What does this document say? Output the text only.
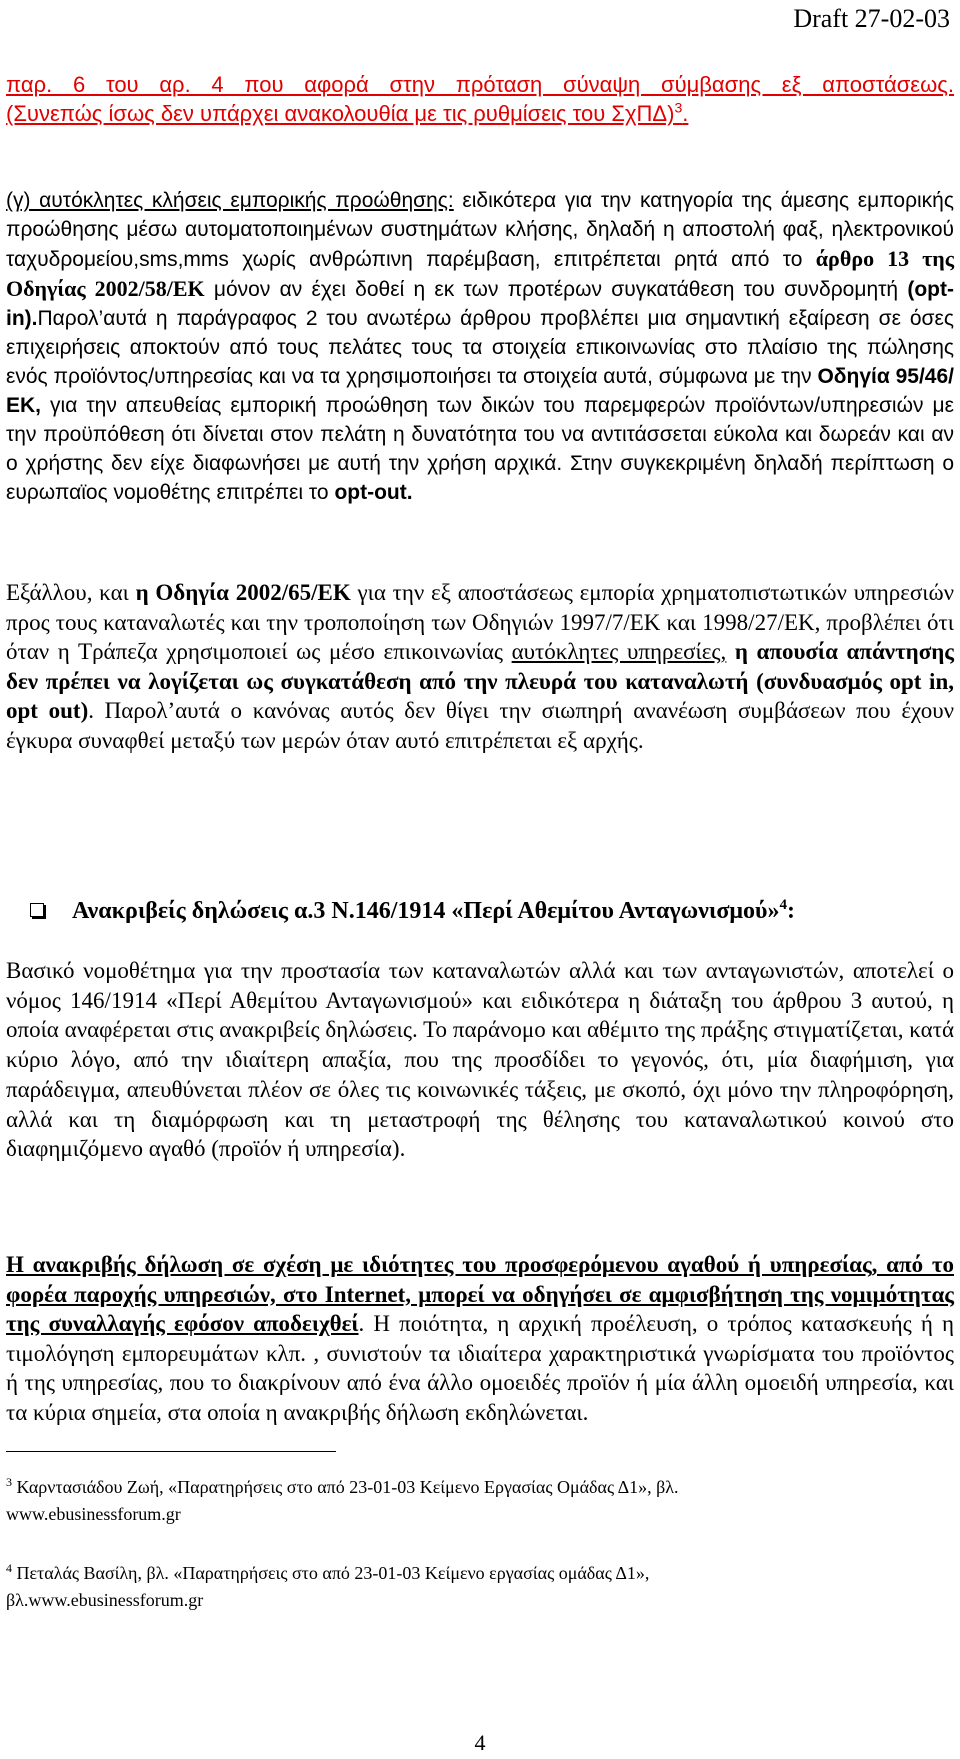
Draft 27-02-03

παρ. 6 του αρ. 4 που αφορά στην πρόταση σύναψη σύμβασης εξ αποστάσεως.
(Συνεπώς ίσως δεν υπάρχει ανακολουθία με τις ρυθμίσεις του ΣχΠΔ)$^3$.

(γ) αυτόκλητες κλήσεις εμπορικής προώθησης: ειδικότερα για την κατηγορία της άμεσης εμπορικής προώθησης μέσω αυτοματοποιημένων συστημάτων κλήσης, δηλαδή η αποστολή φαξ, ηλεκτρονικού ταχυδρομείου,sms,mms χωρίς ανθρώπινη παρέμβαση, επιτρέπεται ρητά από το άρθρο 13 της Οδηγίας 2002/58/ΕΚ μόνον αν έχει δοθεί η εκ των προτέρων συγκατάθεση του συνδρομητή (opt-in).Παρολ’αυτά η παράγραφος 2 του ανωτέρω άρθρου προβλέπει μια σημαντική εξαίρεση σε όσες επιχειρήσεις αποκτούν από τους πελάτες τους τα στοιχεία επικοινωνίας στο πλαίσιο της πώλησης ενός προϊόντος/υπηρεσίας και να τα χρησιμοποιήσει τα στοιχεία αυτά, σύμφωνα με την Οδηγία 95/46/ΕΚ, για την απευθείας εμπορική προώθηση των δικών του παρεμφερών προϊόντων/υπηρεσιών με την προϋπόθεση ότι δίνεται στον πελάτη η δυνατότητα του να αντιτάσσεται εύκολα και δωρεάν και αν ο χρήστης δεν είχε διαφωνήσει με αυτή την χρήση αρχικά. Στην συγκεκριμένη δηλαδή περίπτωση ο ευρωπαϊος νομοθέτης επιτρέπει το opt-out.

Εξάλλου, και η Οδηγία 2002/65/ΕΚ για την εξ αποστάσεως εμπορία χρηματοπιστωτικών υπηρεσιών προς τους καταναλωτές και την τροποποίηση των Οδηγιών 1997/7/ΕΚ και 1998/27/ΕΚ, προβλέπει ότι όταν η Τράπεζα χρησιμοποιεί ως μέσο επικοινωνίας αυτόκλητες υπηρεσίες, η απουσία απάντησης δεν πρέπει να λογίζεται ως συγκατάθεση από την πλευρά του καταναλωτή (συνδυασμός opt in, opt out). Παρολ’αυτά ο κανόνας αυτός δεν θίγει την σιωπηρή ανανέωση συμβάσεων που έχουν έγκυρα συναφθεί μεταξύ των μερών όταν αυτό επιτρέπεται εξ αρχής.

Ανακριβείς δηλώσεις α.3 Ν.146/1914 «Περί Αθεμίτου Ανταγωνισμού»$^4$:

Βασικό νομοθέτημα για την προστασία των καταναλωτών αλλά και των ανταγωνιστών, αποτελεί ο νόμος 146/1914 «Περί Αθεμίτου Ανταγωνισμού» και ειδικότερα η διάταξη του άρθρου 3 αυτού, η οποία αναφέρεται στις ανακριβείς δηλώσεις. Το παράνομο και αθέμιτο της πράξης στιγματίζεται, κατά κύριο λόγο, από την ιδιαίτερη απαξία, που της προσδίδει το γεγονός, ότι, μία διαφήμιση, για παράδειγμα, απευθύνεται πλέον σε όλες τις κοινωνικές τάξεις, με σκοπό, όχι μόνο την πληροφόρηση, αλλά και τη διαμόρφωση και τη μεταστροφή της θέλησης του καταναλωτικού κοινού στο διαφημιζόμενο αγαθό (προϊόν ή υπηρεσία).

Η ανακριβής δήλωση σε σχέση με ιδιότητες του προσφερόμενου αγαθού ή υπηρεσίας, από το φορέα παροχής υπηρεσιών, στο Internet, μπορεί να οδηγήσει σε αμφισβήτηση της νομιμότητας της συναλλαγής εφόσον αποδειχθεί. Η ποιότητα, η αρχική προέλευση, ο τρόπος κατασκευής ή η τιμολόγηση εμπορευμάτων κλπ. , συνιστούν τα ιδιαίτερα χαρακτηριστικά γνωρίσματα του προϊόντος ή της υπηρεσίας, που το διακρίνουν από ένα άλλο ομοειδές προϊόν ή μία άλλη ομοειδή υπηρεσία, και τα κύρια σημεία, στα οποία η ανακριβής δήλωση εκδηλώνεται.

$^3$ Καρντασιάδου Ζωή, «Παρατηρήσεις στο από 23-01-03 Κείμενο Εργασίας Ομάδας Δ1», βλ.
www.ebusinessforum.gr
$^4$ Πεταλάς Βασίλη, βλ. «Παρατηρήσεις στο από 23-01-03 Κείμενο εργασίας ομάδας Δ1»,
βλ.www.ebusinessforum.gr
4
